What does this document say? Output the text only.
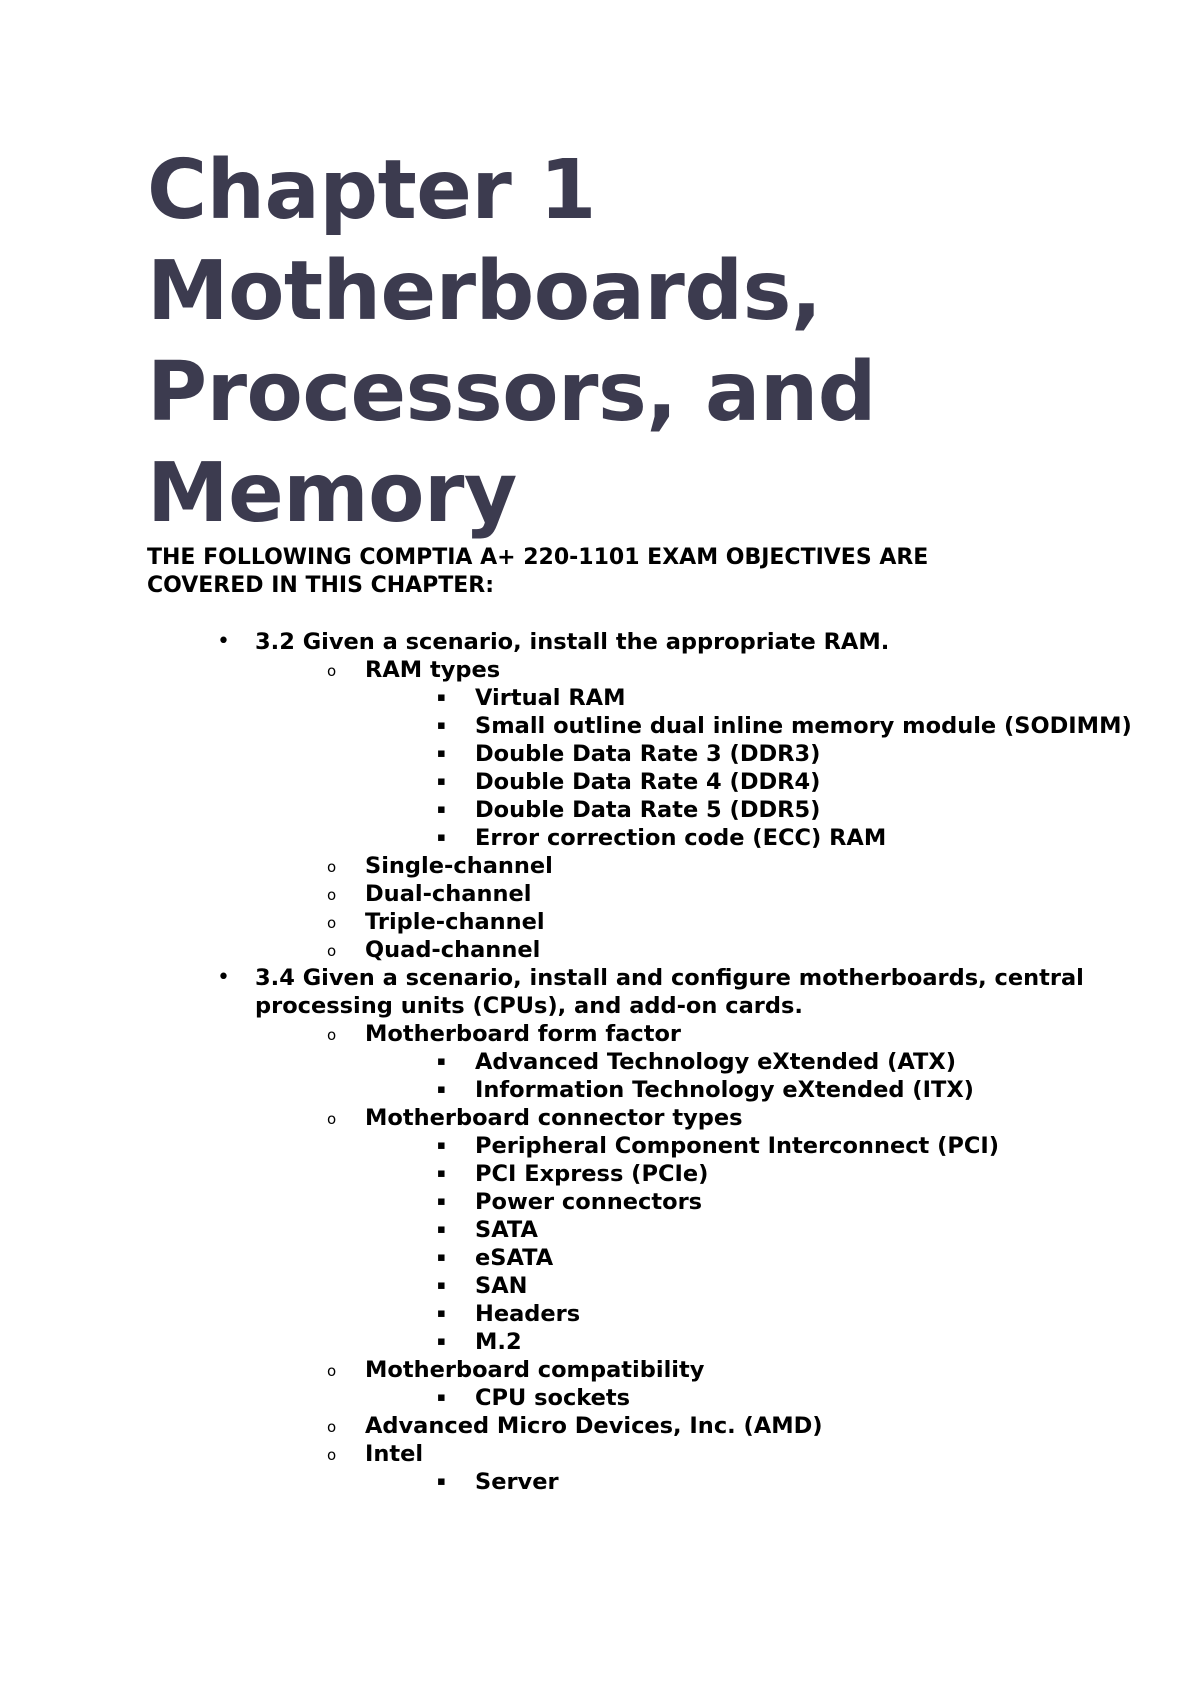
Chapter 1
Motherboards,
Processors, and
Memory

THE FOLLOWING COMPTIA A+ 220-1101 EXAM OBJECTIVES ARE COVERED IN THIS CHAPTER:

• 3.2 Given a scenario, install the appropriate RAM.
o RAM types
▪ Virtual RAM
▪ Small outline dual inline memory module (SODIMM)
▪ Double Data Rate 3 (DDR3)
▪ Double Data Rate 4 (DDR4)
▪ Double Data Rate 5 (DDR5)
▪ Error correction code (ECC) RAM
o Single-channel
o Dual-channel
o Triple-channel
o Quad-channel
• 3.4 Given a scenario, install and configure motherboards, central processing units (CPUs), and add-on cards.
o Motherboard form factor
▪ Advanced Technology eXtended (ATX)
▪ Information Technology eXtended (ITX)
o Motherboard connector types
▪ Peripheral Component Interconnect (PCI)
▪ PCI Express (PCIe)
▪ Power connectors
▪ SATA
▪ eSATA
▪ SAN
▪ Headers
▪ M.2
o Motherboard compatibility
▪ CPU sockets
o Advanced Micro Devices, Inc. (AMD)
o Intel
▪ Server
